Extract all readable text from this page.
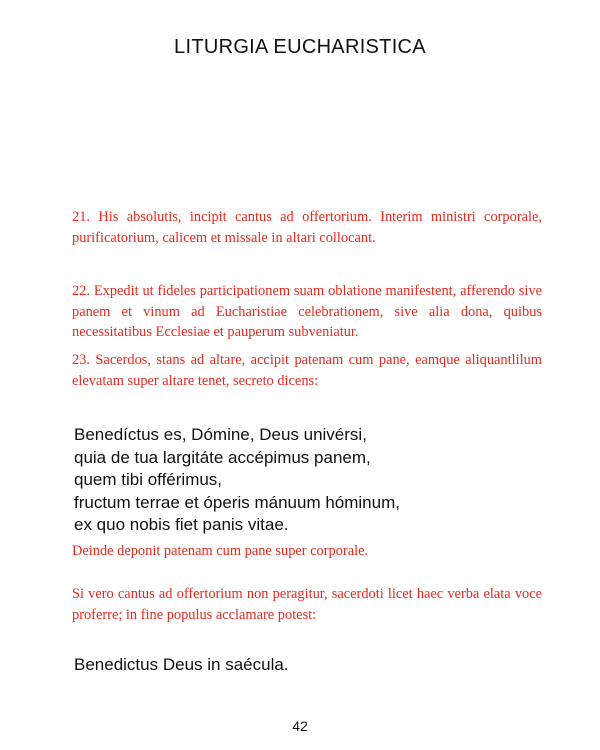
LITURGIA EUCHARISTICA

21. His absolutis, incipit cantus ad offertorium. Interim ministri corporale, purificatorium, calicem et missale in altari collocant.

22. Expedit ut fideles participationem suam oblatione manifestent, afferendo sive panem et vinum ad Eucharistiae celebrationem, sive alia dona, quibus necessitatibus Ecclesiae et pauperum subveniatur.

23. Sacerdos, stans ad altare, accipit patenam cum pane, eamque aliquantlilum elevatam super altare tenet, secreto dicens:

Benedíctus es, Dómine, Deus univérsi,
quia de tua largitáte accépimus panem,
quem tibi offérimus,
fructum terrae et óperis mánuum hóminum,
ex quo nobis fiet panis vitae.

Deinde deponit patenam cum pane super corporale.

Si vero cantus ad offertorium non peragitur, sacerdoti licet haec verba elata voce proferre; in fine populus acclamare potest:

Benedictus Deus in saécula.
42
